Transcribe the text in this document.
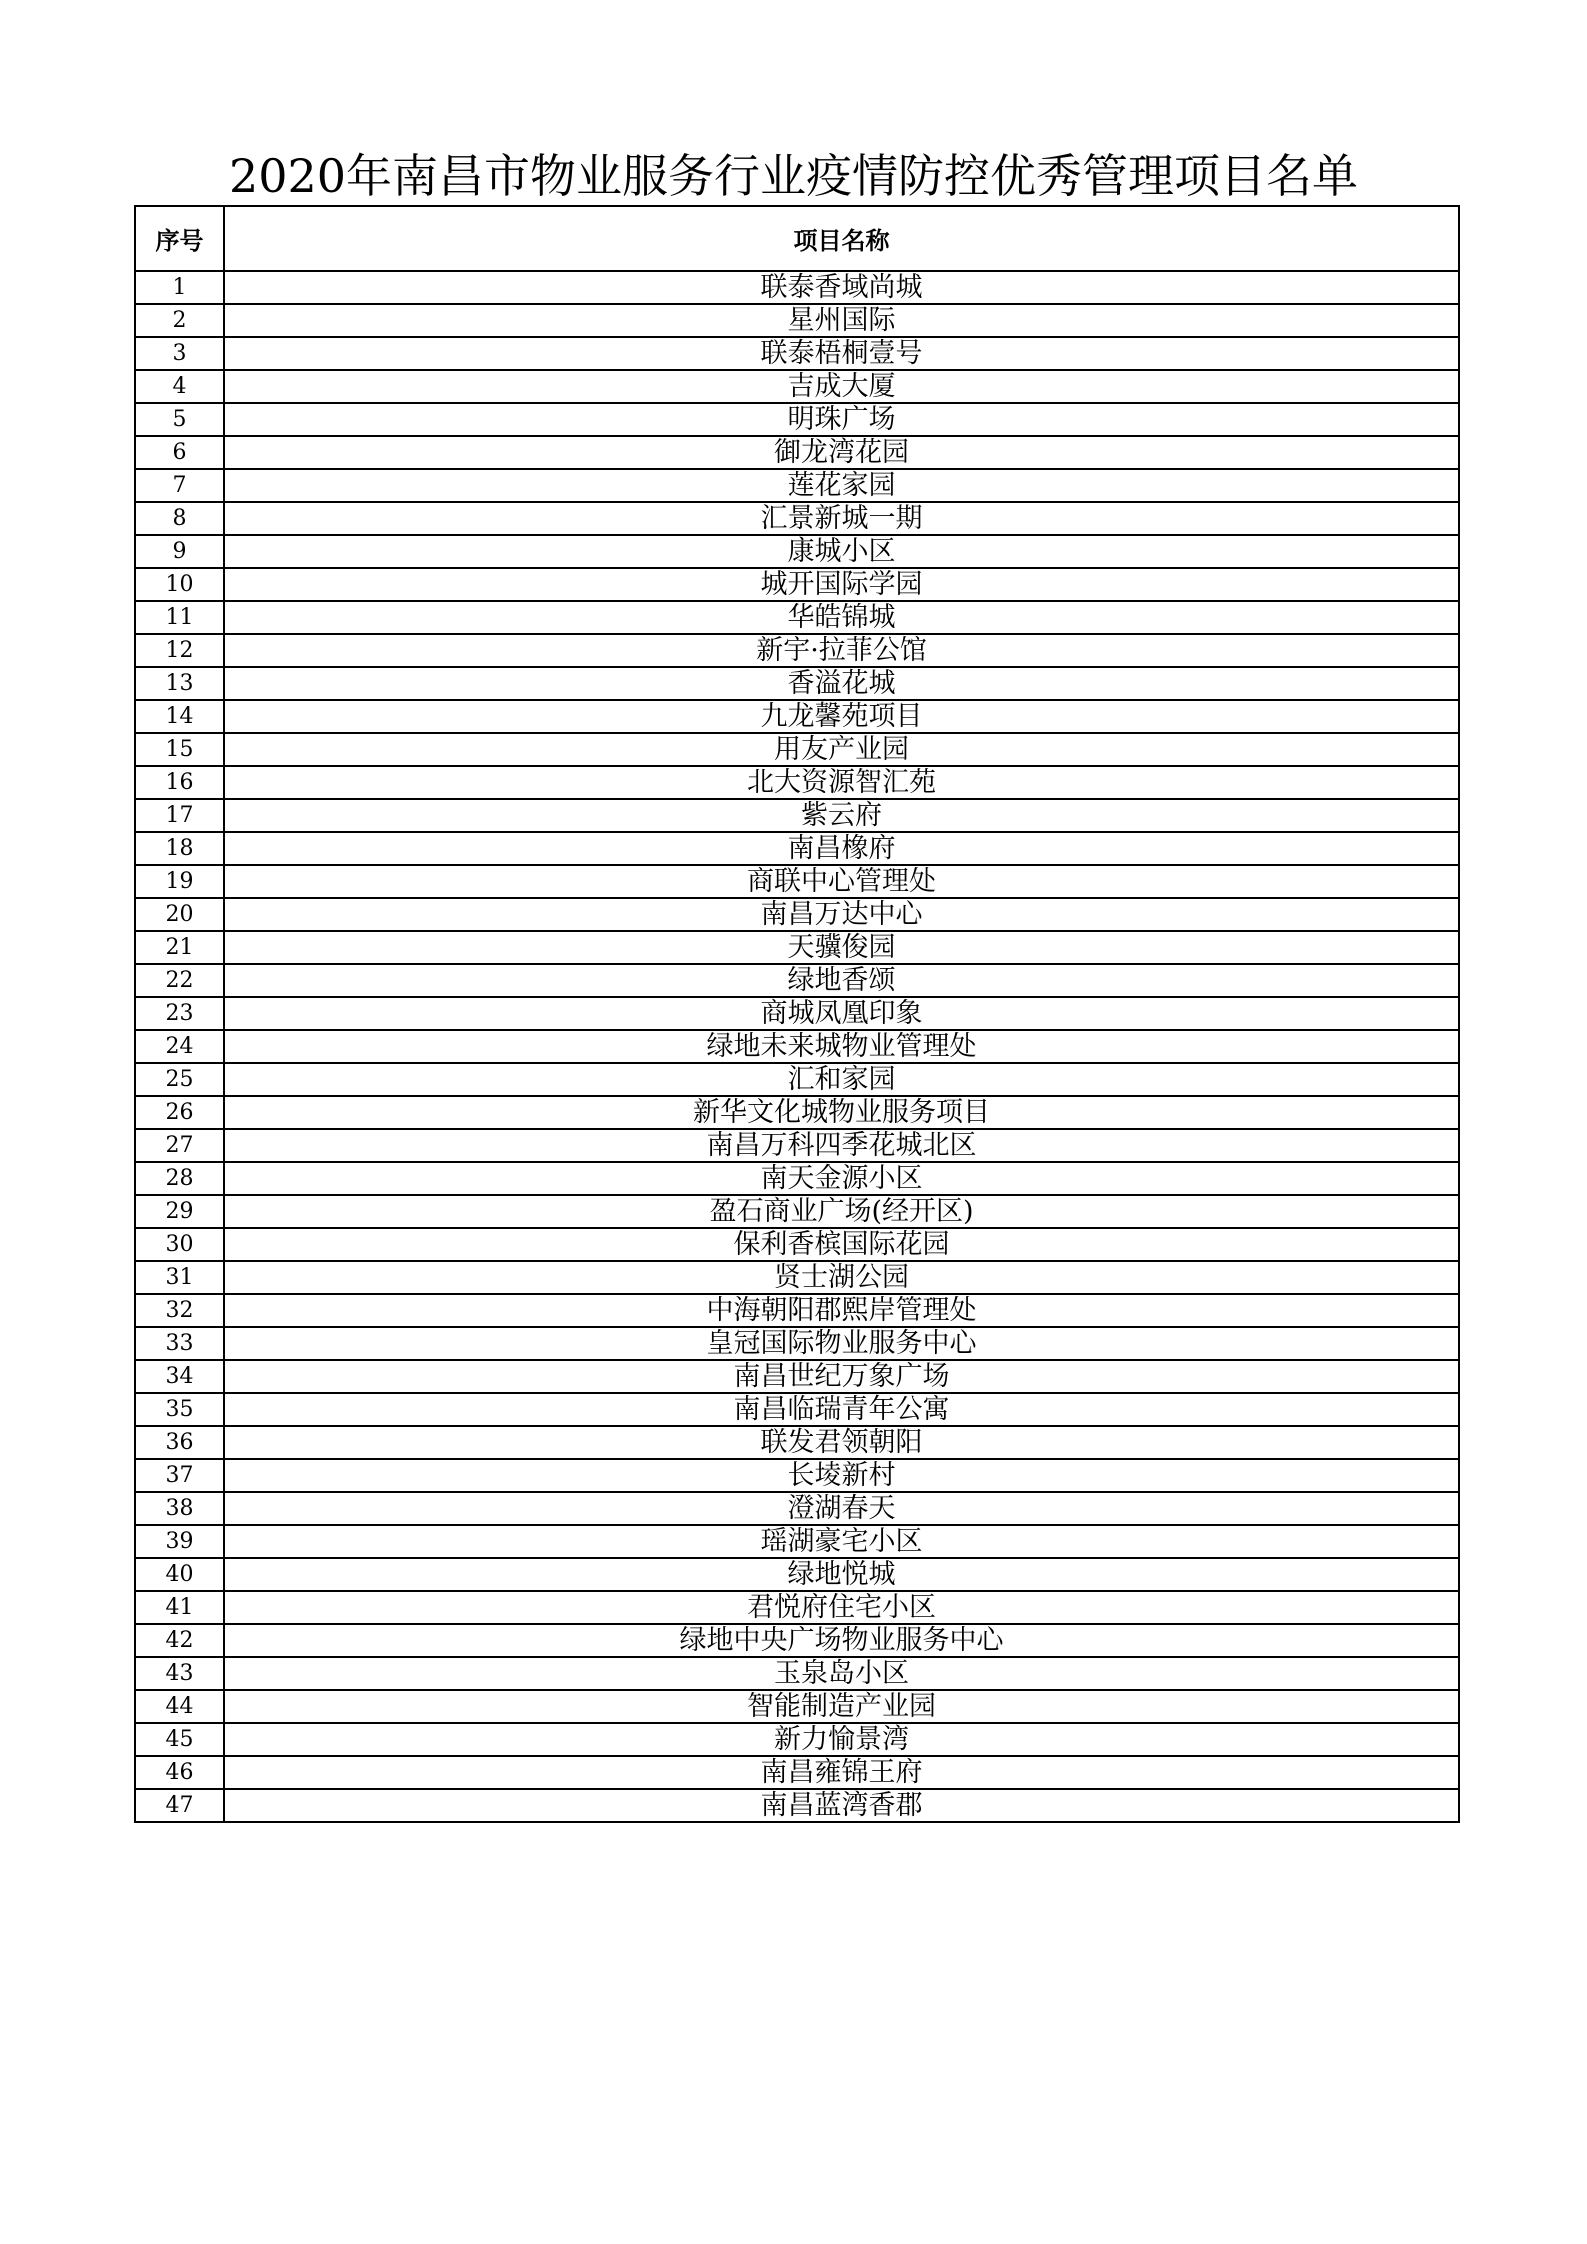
2020年南昌市物业服务行业疫情防控优秀管理项目名单
序号	项目名称
1	联泰香域尚城
2	星州国际
3	联泰梧桐壹号
4	吉成大厦
5	明珠广场
6	御龙湾花园
7	莲花家园
8	汇景新城一期
9	康城小区
10	城开国际学园
11	华皓锦城
12	新宇·拉菲公馆
13	香溢花城
14	九龙馨苑项目
15	用友产业园
16	北大资源智汇苑
17	紫云府
18	南昌橡府
19	商联中心管理处
20	南昌万达中心
21	天骥俊园
22	绿地香颂
23	商城凤凰印象
24	绿地未来城物业管理处
25	汇和家园
26	新华文化城物业服务项目
27	南昌万科四季花城北区
28	南天金源小区
29	盈石商业广场(经开区)
30	保利香槟国际花园
31	贤士湖公园
32	中海朝阳郡熙岸管理处
33	皇冠国际物业服务中心
34	南昌世纪万象广场
35	南昌临瑞青年公寓
36	联发君领朝阳
37	长堎新村
38	澄湖春天
39	瑶湖豪宅小区
40	绿地悦城
41	君悦府住宅小区
42	绿地中央广场物业服务中心
43	玉泉岛小区
44	智能制造产业园
45	新力愉景湾
46	南昌雍锦王府
47	南昌蓝湾香郡
